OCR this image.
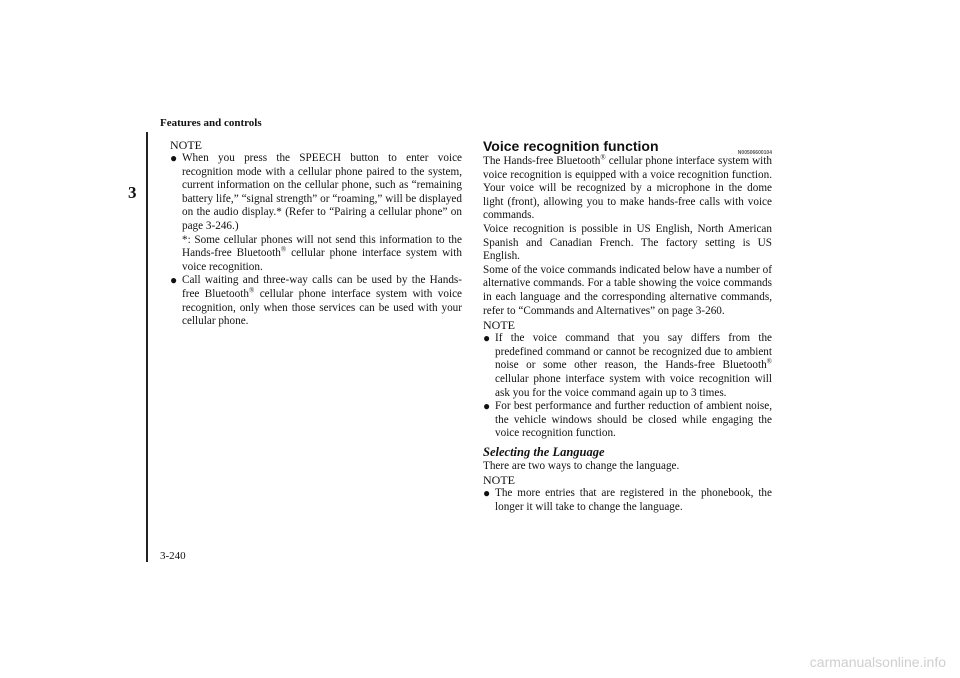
Features and controls
3
NOTE
● When you press the SPEECH button to enter voice recognition mode with a cellular phone paired to the system, current information on the cellular phone, such as “remaining battery life,” “signal strength” or “roaming,” will be displayed on the audio display.* (Refer to “Pairing a cellular phone” on page 3-246.)

*: Some cellular phones will not send this information to the Hands-free Bluetooth® cellular phone interface system with voice recognition.

● Call waiting and three-way calls can be used by the Hands-free Bluetooth® cellular phone interface system with voice recognition, only when those services can be used with your cellular phone.

Voice recognition function	N00506600104

The Hands-free Bluetooth® cellular phone interface system with voice recognition is equipped with a voice recognition function. Your voice will be recognized by a microphone in the dome light (front), allowing you to make hands-free calls with voice commands.

Voice recognition is possible in US English, North American Spanish and Canadian French. The factory setting is US English.

Some of the voice commands indicated below have a number of alternative commands. For a table showing the voice commands in each language and the corresponding alternative commands, refer to “Commands and Alternatives” on page 3-260.

NOTE
● If the voice command that you say differs from the predefined command or cannot be recognized due to ambient noise or some other reason, the Hands-free Bluetooth® cellular phone interface system with voice recognition will ask you for the voice command again up to 3 times.

● For best performance and further reduction of ambient noise, the vehicle windows should be closed while engaging the voice recognition function.

Selecting the Language

There are two ways to change the language.

NOTE
● The more entries that are registered in the phonebook, the longer it will take to change the language.

3-240
carmanualsonline.info
